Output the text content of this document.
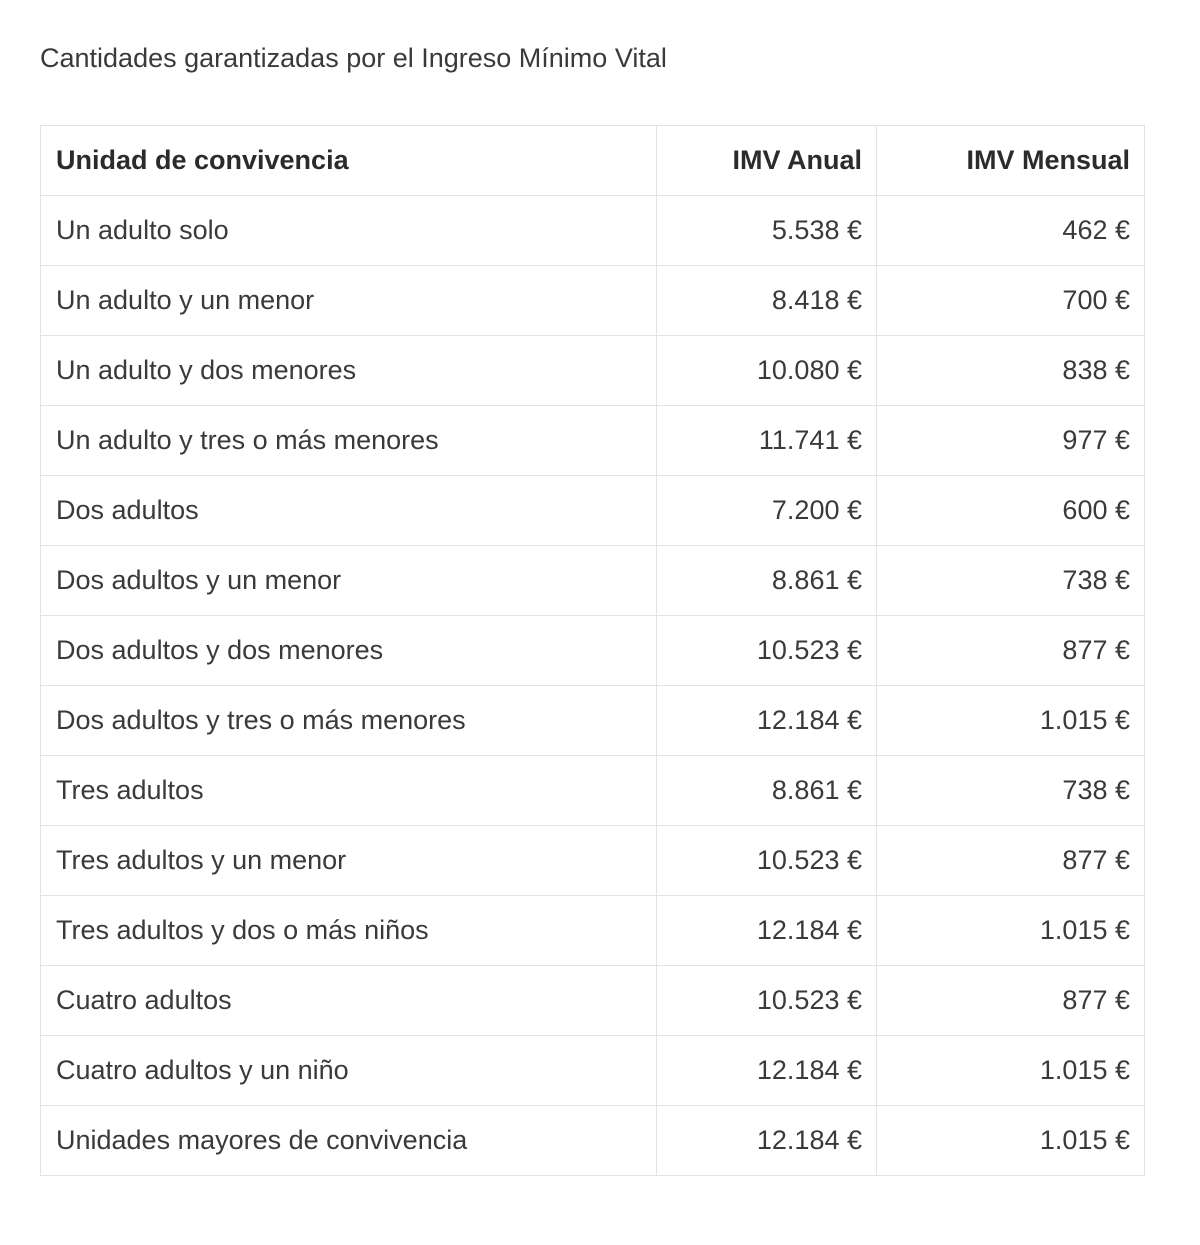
Cantidades garantizadas por el Ingreso Mínimo Vital
Unidad de convivencia	IMV Anual	IMV Mensual
Un adulto solo	5.538 €	462 €
Un adulto y un menor	8.418 €	700 €
Un adulto y dos menores	10.080 €	838 €
Un adulto y tres o más menores	11.741 €	977 €
Dos adultos	7.200 €	600 €
Dos adultos y un menor	8.861 €	738 €
Dos adultos y dos menores	10.523 €	877 €
Dos adultos y tres o más menores	12.184 €	1.015 €
Tres adultos	8.861 €	738 €
Tres adultos y un menor	10.523 €	877 €
Tres adultos y dos o más niños	12.184 €	1.015 €
Cuatro adultos	10.523 €	877 €
Cuatro adultos y un niño	12.184 €	1.015 €
Unidades mayores de convivencia	12.184 €	1.015 €
